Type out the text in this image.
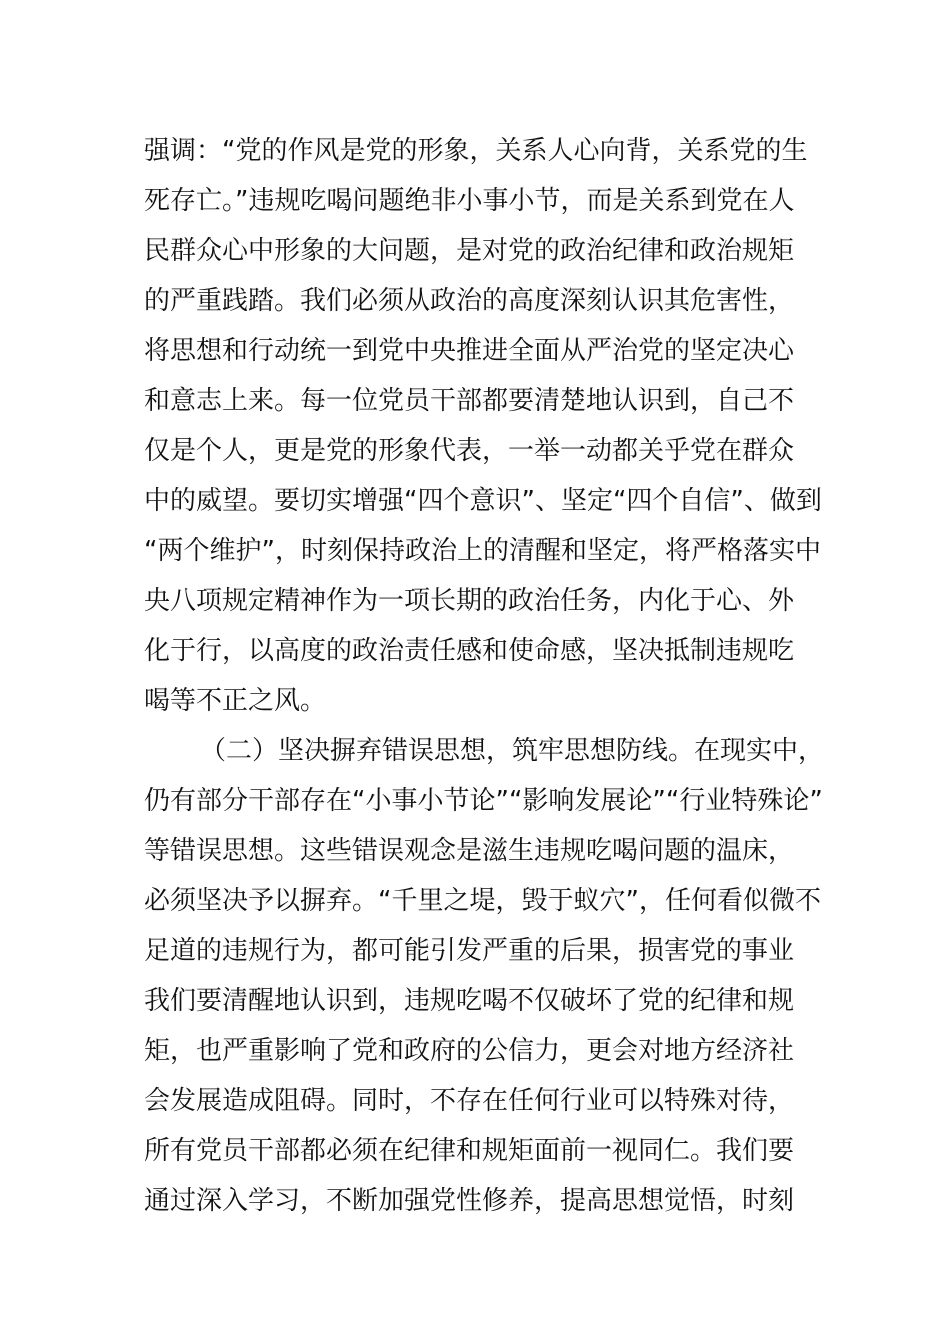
强调：“党的作风是党的形象，关系人心向背，关系党的生
死存亡。”违规吃喝问题绝非小事小节，而是关系到党在人
民群众心中形象的大问题，是对党的政治纪律和政治规矩
的严重践踏。我们必须从政治的高度深刻认识其危害性，
将思想和行动统一到党中央推进全面从严治党的坚定决心
和意志上来。每一位党员干部都要清楚地认识到，自己不
仅是个人，更是党的形象代表，一举一动都关乎党在群众
中的威望。要切实增强“四个意识”、坚定“四个自信”、做到
“两个维护”，时刻保持政治上的清醒和坚定，将严格落实中
央八项规定精神作为一项长期的政治任务，内化于心、外
化于行，以高度的政治责任感和使命感，坚决抵制违规吃
喝等不正之风。
（二）坚决摒弃错误思想，筑牢思想防线。在现实中，
仍有部分干部存在“小事小节论”“影响发展论”“行业特殊论”
等错误思想。这些错误观念是滋生违规吃喝问题的温床，
必须坚决予以摒弃。“千里之堤，毁于蚁穴”，任何看似微不
足道的违规行为，都可能引发严重的后果，损害党的事业
我们要清醒地认识到，违规吃喝不仅破坏了党的纪律和规
矩，也严重影响了党和政府的公信力，更会对地方经济社
会发展造成阻碍。同时，不存在任何行业可以特殊对待，
所有党员干部都必须在纪律和规矩面前一视同仁。我们要
通过深入学习，不断加强党性修养，提高思想觉悟，时刻
